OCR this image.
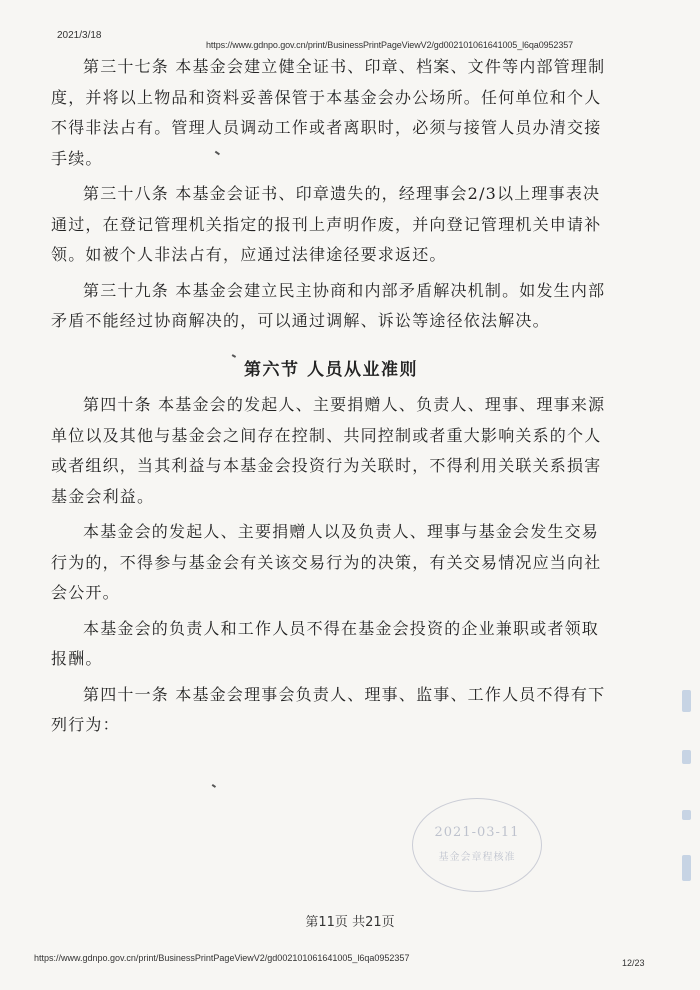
2021/3/18
https://www.gdnpo.gov.cn/print/BusinessPrintPageViewV2/gd002101061641005_l6qa0952357

第三十七条 本基金会建立健全证书、印章、档案、文件等内部管理制度，并将以上物品和资料妥善保管于本基金会办公场所。任何单位和个人不得非法占有。管理人员调动工作或者离职时，必须与接管人员办清交接手续。

第三十八条 本基金会证书、印章遗失的，经理事会2/3以上理事表决通过，在登记管理机关指定的报刊上声明作废，并向登记管理机关申请补领。如被个人非法占有，应通过法律途径要求返还。

第三十九条 本基金会建立民主协商和内部矛盾解决机制。如发生内部矛盾不能经过协商解决的，可以通过调解、诉讼等途径依法解决。

第六节 人员从业准则

第四十条 本基金会的发起人、主要捐赠人、负责人、理事、理事来源单位以及其他与基金会之间存在控制、共同控制或者重大影响关系的个人或者组织，当其利益与本基金会投资行为关联时，不得利用关联关系损害基金会利益。

本基金会的发起人、主要捐赠人以及负责人、理事与基金会发生交易行为的，不得参与基金会有关该交易行为的决策，有关交易情况应当向社会公开。

本基金会的负责人和工作人员不得在基金会投资的企业兼职或者领取报酬。

第四十一条 本基金会理事会负责人、理事、监事、工作人员不得有下列行为：

2021-03-11
基金会章程核准
第11页 共21页
https://www.gdnpo.gov.cn/print/BusinessPrintPageViewV2/gd002101061641005_l6qa0952357	12/23
